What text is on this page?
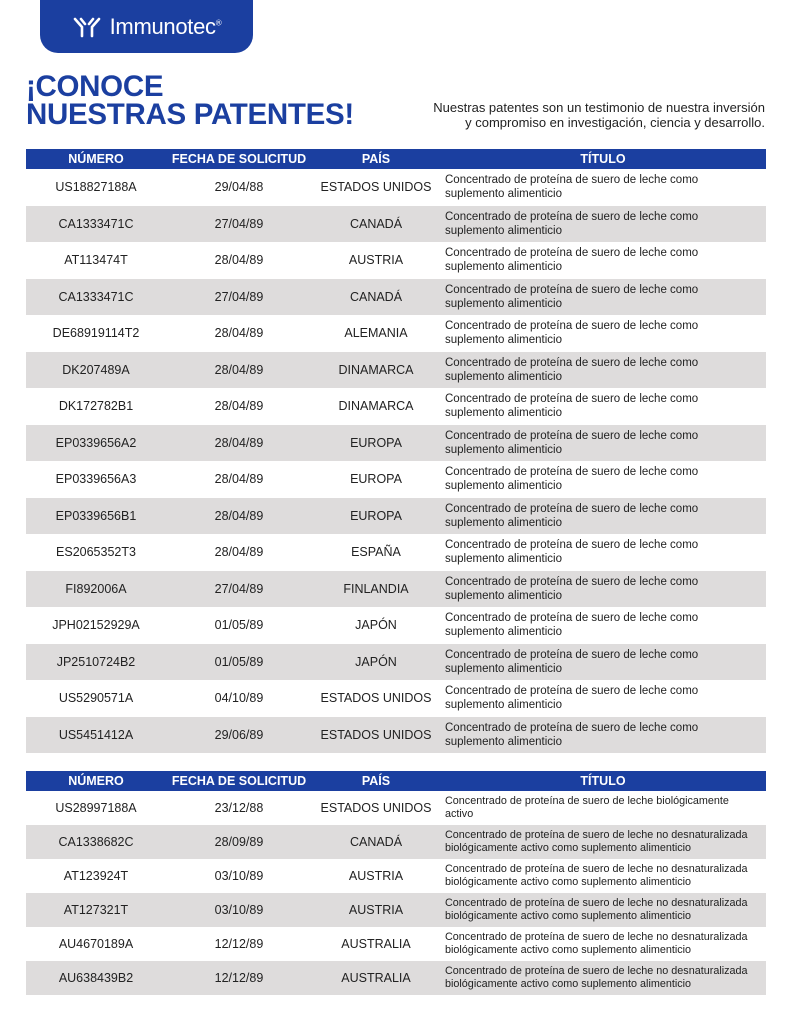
Immunotec®
¡CONOCE
NUESTRAS PATENTES!	Nuestras patentes son un testimonio de nuestra inversión
y compromiso en investigación, ciencia y desarrollo.
NÚMERO	FECHA DE SOLICITUD	PAÍS	TÍTULO
US18827188A	29/04/88	ESTADOS UNIDOS	Concentrado de proteína de suero de leche como suplemento alimenticio
CA1333471C	27/04/89	CANADÁ	Concentrado de proteína de suero de leche como suplemento alimenticio
AT113474T	28/04/89	AUSTRIA	Concentrado de proteína de suero de leche como suplemento alimenticio
CA1333471C	27/04/89	CANADÁ	Concentrado de proteína de suero de leche como suplemento alimenticio
DE68919114T2	28/04/89	ALEMANIA	Concentrado de proteína de suero de leche como suplemento alimenticio
DK207489A	28/04/89	DINAMARCA	Concentrado de proteína de suero de leche como suplemento alimenticio
DK172782B1	28/04/89	DINAMARCA	Concentrado de proteína de suero de leche como suplemento alimenticio
EP0339656A2	28/04/89	EUROPA	Concentrado de proteína de suero de leche como suplemento alimenticio
EP0339656A3	28/04/89	EUROPA	Concentrado de proteína de suero de leche como suplemento alimenticio
EP0339656B1	28/04/89	EUROPA	Concentrado de proteína de suero de leche como suplemento alimenticio
ES2065352T3	28/04/89	ESPAÑA	Concentrado de proteína de suero de leche como suplemento alimenticio
FI892006A	27/04/89	FINLANDIA	Concentrado de proteína de suero de leche como suplemento alimenticio
JPH02152929A	01/05/89	JAPÓN	Concentrado de proteína de suero de leche como suplemento alimenticio
JP2510724B2	01/05/89	JAPÓN	Concentrado de proteína de suero de leche como suplemento alimenticio
US5290571A	04/10/89	ESTADOS UNIDOS	Concentrado de proteína de suero de leche como suplemento alimenticio
US5451412A	29/06/89	ESTADOS UNIDOS	Concentrado de proteína de suero de leche como suplemento alimenticio
NÚMERO	FECHA DE SOLICITUD	PAÍS	TÍTULO
US28997188A	23/12/88	ESTADOS UNIDOS	Concentrado de proteína de suero de leche biológicamente activo
CA1338682C	28/09/89	CANADÁ	Concentrado de proteína de suero de leche no desnaturalizada biológicamente activo como suplemento alimenticio
AT123924T	03/10/89	AUSTRIA	Concentrado de proteína de suero de leche no desnaturalizada biológicamente activo como suplemento alimenticio
AT127321T	03/10/89	AUSTRIA	Concentrado de proteína de suero de leche no desnaturalizada biológicamente activo como suplemento alimenticio
AU4670189A	12/12/89	AUSTRALIA	Concentrado de proteína de suero de leche no desnaturalizada biológicamente activo como suplemento alimenticio
AU638439B2	12/12/89	AUSTRALIA	Concentrado de proteína de suero de leche no desnaturalizada biológicamente activo como suplemento alimenticio
